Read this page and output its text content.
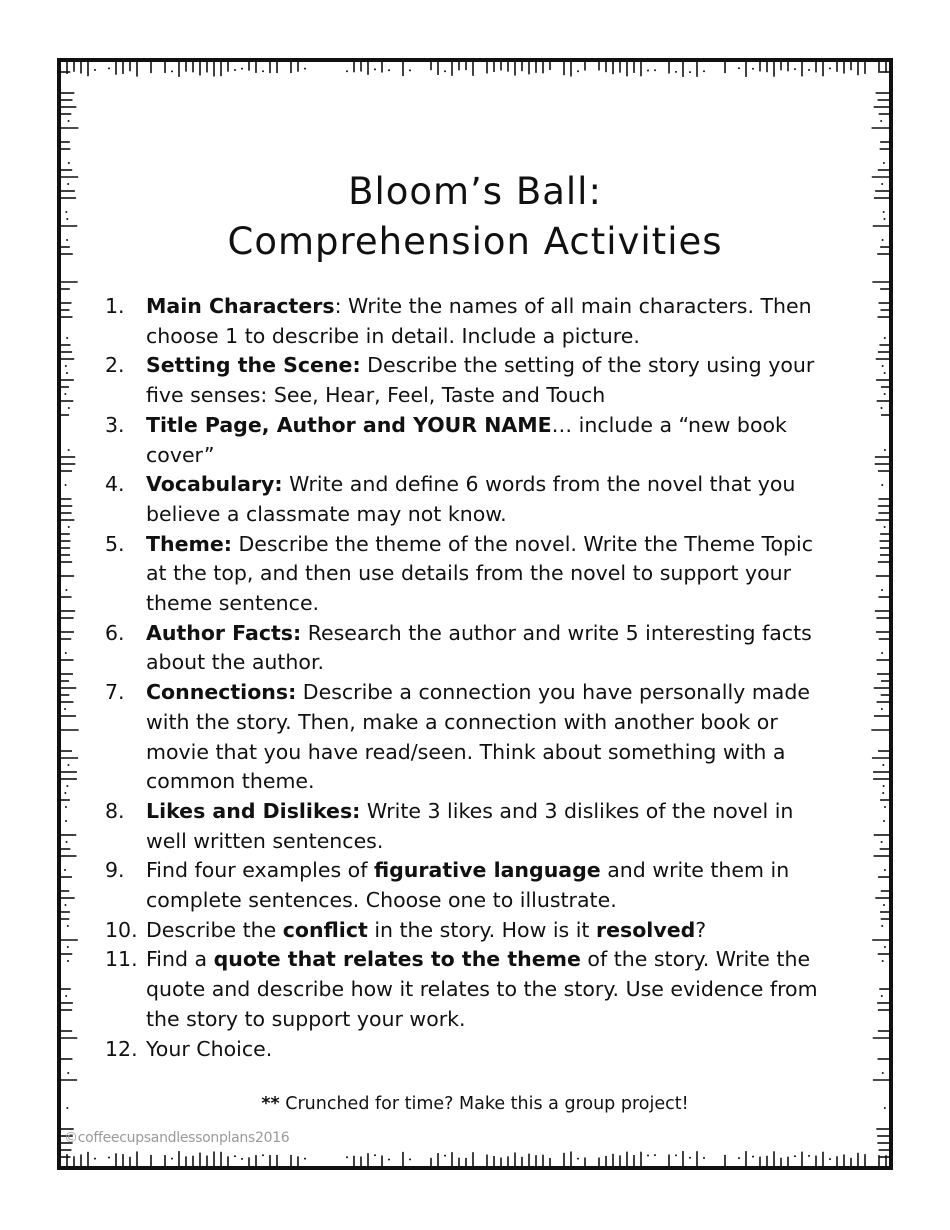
Bloom’s Ball:
Comprehension Activities
1. Main Characters: Write the names of all main characters. Then choose 1 to describe in detail. Include a picture.
2. Setting the Scene: Describe the setting of the story using your five senses: See, Hear, Feel, Taste and Touch
3. Title Page, Author and YOUR NAME… include a “new book cover”
4. Vocabulary: Write and define 6 words from the novel that you believe a classmate may not know.
5. Theme: Describe the theme of the novel. Write the Theme Topic at the top, and then use details from the novel to support your theme sentence.
6. Author Facts: Research the author and write 5 interesting facts about the author.
7. Connections: Describe a connection you have personally made with the story. Then, make a connection with another book or movie that you have read/seen. Think about something with a common theme.
8. Likes and Dislikes: Write 3 likes and 3 dislikes of the novel in well written sentences.
9. Find four examples of figurative language and write them in complete sentences. Choose one to illustrate.
10. Describe the conflict in the story. How is it resolved?
11. Find a quote that relates to the theme of the story. Write the quote and describe how it relates to the story. Use evidence from the story to support your work.
12. Your Choice.
** Crunched for time? Make this a group project!
©coffeecupsandlessonplans2016
